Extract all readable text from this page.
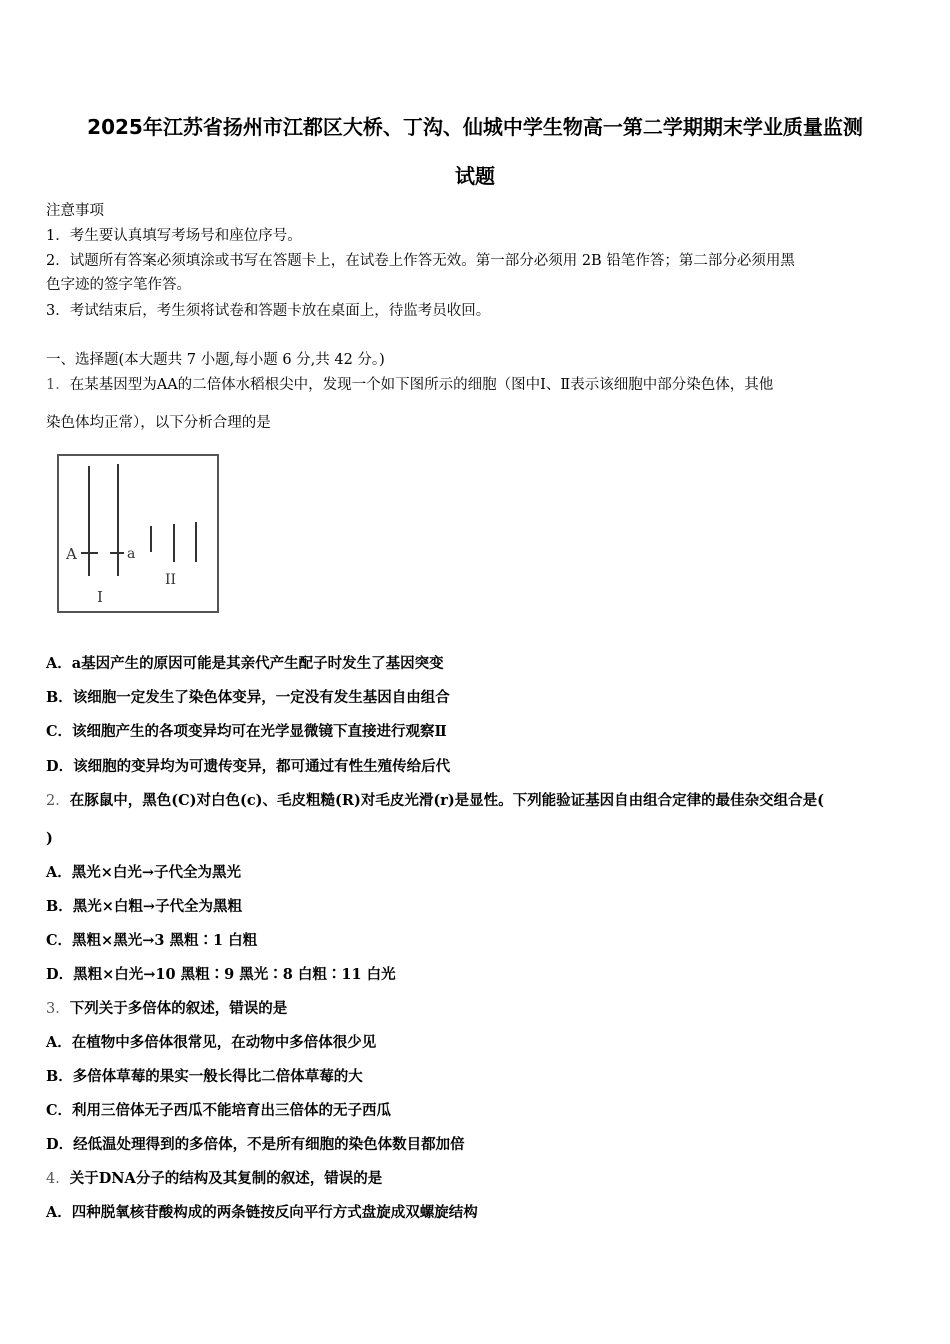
2025年江苏省扬州市江都区大桥、丁沟、仙城中学生物高一第二学期期末学业质量监测
试题
注意事项
1．考生要认真填写考场号和座位序号。
2．试题所有答案必须填涂或书写在答题卡上，在试卷上作答无效。第一部分必须用 2B 铅笔作答；第二部分必须用黑
色字迹的签字笔作答。
3．考试结束后，考生须将试卷和答题卡放在桌面上，待监考员收回。
一、选择题(本大题共 7 小题,每小题 6 分,共 42 分。)
1．在某基因型为AA的二倍体水稻根尖中，发现一个如下图所示的细胞（图中Ⅰ、Ⅱ表示该细胞中部分染色体，其他
染色体均正常），以下分析合理的是
A	a
I
II
A．a基因产生的原因可能是其亲代产生配子时发生了基因突变
B．该细胞一定发生了染色体变异，一定没有发生基因自由组合
C．该细胞产生的各项变异均可在光学显微镜下直接进行观察Ⅱ
D．该细胞的变异均为可遗传变异，都可通过有性生殖传给后代
2．在豚鼠中，黑色(C)对白色(c)、毛皮粗糙(R)对毛皮光滑(r)是显性。下列能验证基因自由组合定律的最佳杂交组合是(
)
A．黑光×白光→子代全为黑光
B．黑光×白粗→子代全为黑粗
C．黑粗×黑光→3 黑粗∶1 白粗
D．黑粗×白光→10 黑粗∶9 黑光∶8 白粗∶11 白光
3．下列关于多倍体的叙述，错误的是
A．在植物中多倍体很常见，在动物中多倍体很少见
B．多倍体草莓的果实一般长得比二倍体草莓的大
C．利用三倍体无子西瓜不能培育出三倍体的无子西瓜
D．经低温处理得到的多倍体，不是所有细胞的染色体数目都加倍
4．关于DNA分子的结构及其复制的叙述，错误的是
A．四种脱氧核苷酸构成的两条链按反向平行方式盘旋成双螺旋结构
